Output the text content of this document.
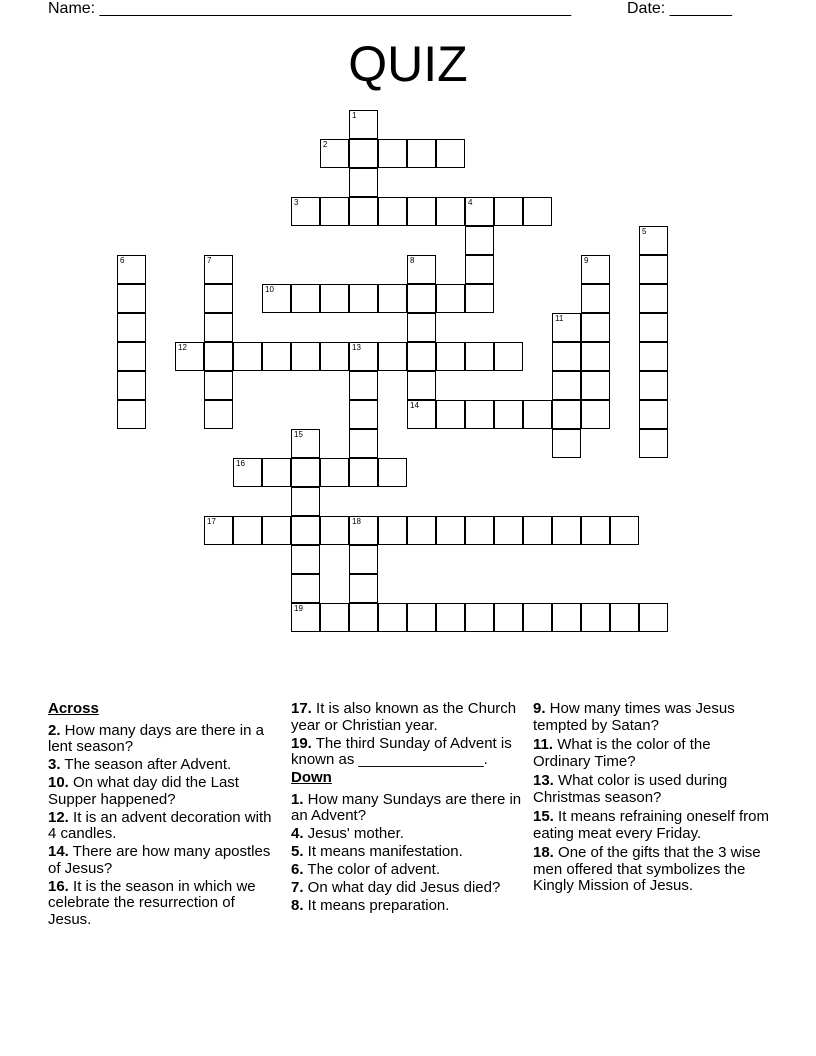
Name: _____________________________________________________	Date: _______
QUIZ
1
2
3	4
5
6	7	8	9
10
11
12	13
14
15
16
17	18
19
Across
2. How many days are there in a lent season?
3. The season after Advent.
10. On what day did the Last Supper happened?
12. It is an advent decoration with 4 candles.
14. There are how many apostles of Jesus?
16. It is the season in which we celebrate the resurrection of Jesus.
17. It is also known as the Church year or Christian year.
19. The third Sunday of Advent is known as _______________.
Down
1. How many Sundays are there in an Advent?
4. Jesus' mother.
5. It means manifestation.
6. The color of advent.
7. On what day did Jesus died?
8. It means preparation.
9. How many times was Jesus tempted by Satan?
11. What is the color of the Ordinary Time?
13. What color is used during Christmas season?
15. It means refraining oneself from eating meat every Friday.
18. One of the gifts that the 3 wise men offered that symbolizes the Kingly Mission of Jesus.
